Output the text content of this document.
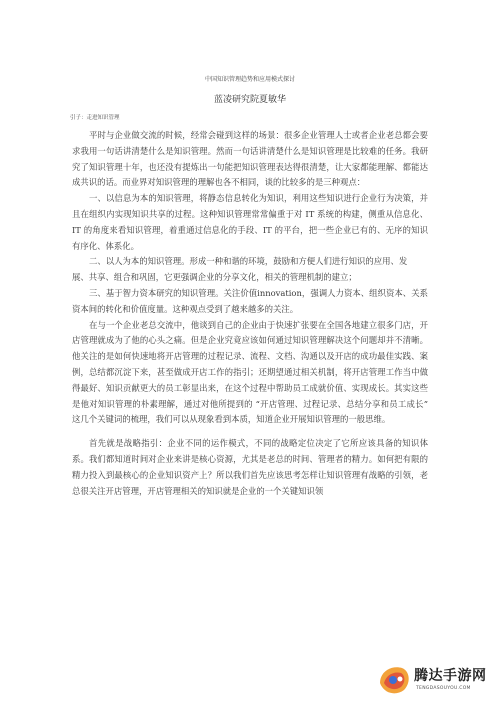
中国知识管理趋势和应用模式探讨
蓝凌研究院夏敏华
引子：走进知识管理

平时与企业做交流的时候，经常会碰到这样的场景：很多企业管理人士或者企业老总都会要求我用一句话讲清楚什么是知识管理。然而一句话讲清楚什么是知识管理是比较难的任务。我研究了知识管理十年，也还没有提炼出一句能把知识管理表达得很清楚，让大家都能理解、都能达成共识的话。而业界对知识管理的理解也各不相同，谈的比较多的是三种观点：

一、以信息为本的知识管理，将静态信息转化为知识，利用这些知识进行企业行为决策，并且在组织内实现知识共享的过程。这种知识管理常常偏重于对 IT 系统的构建，侧重从信息化、IT 的角度来看知识管理，着重通过信息化的手段、IT 的平台，把一些企业已有的、无序的知识有序化、体系化。

二、以人为本的知识管理。形成一种和谐的环境，鼓励和方便人们进行知识的应用、发

展、共享、组合和巩固，它更强调企业的分享文化，相关的管理机制的建立；

三、基于智力资本研究的知识管理。关注价值innovation，强调人力资本、组织资本、关系资本间的转化和价值度量。这种观点受到了越来越多的关注。

在与一个企业老总交流中，他谈到自己的企业由于快速扩张要在全国各地建立很多门店，开店管理就成为了他的心头之痛。但是企业究竟应该如何通过知识管理解决这个问题却并不清晰。他关注的是如何快速地将开店管理的过程记录、流程、文档、沟通以及开店的成功最佳实践、案例，总结都沉淀下来，甚至做成开店工作的指引；还期望通过相关机制，将开店管理工作当中做得最好、知识贡献更大的员工彰显出来，在这个过程中帮助员工成就价值、实现成长。其实这些是他对知识管理的朴素理解，通过对他所提到的 “开店管理、过程记录、总结分享和员工成长” 这几个关键词的梳理，我们可以从现象看到本质，知道企业开展知识管理的一般思维。

首先就是战略指引：企业不同的运作模式，不同的战略定位决定了它所应该具备的知识体系。我们都知道时间对企业来讲是核心资源，尤其是老总的时间、管理者的精力。如何把有限的精力投入到最核心的企业知识资产上？所以我们首先应该思考怎样让知识管理有战略的引领，老总很关注开店管理，开店管理相关的知识就是企业的一个关键知识领

腾达手游网
TENGDASOUYOU.COM
